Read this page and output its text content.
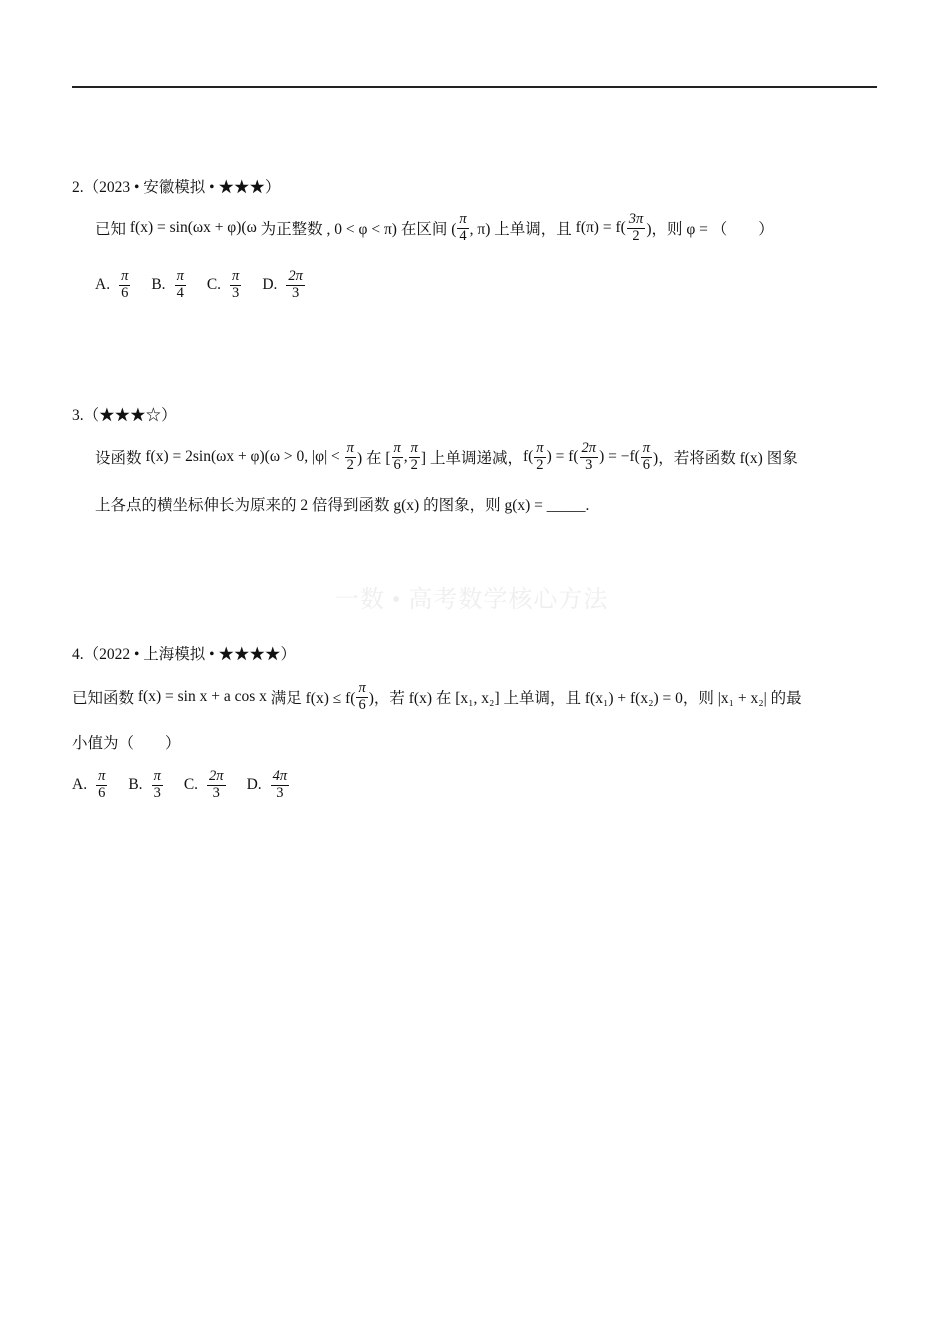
2.（2023 • 安徽模拟 • ★★★）
已知 f(x) = sin(ωx + φ)(ω 为正整数 , 0 < φ < π) 在区间 ( $\frac{\pi}{4}$ , π) 上单调，且 $f(\pi) = f( \frac{3\pi}{2}$ )，则 φ = （　　）
A. $\frac{\pi}{6} B$. $\frac{\pi}{4} C$. $\frac{\pi}{3} D$. $\frac{2\pi}{3}$
3.（★★★☆）
设函数 f(x) = 2sin(ωx + φ)(ω > 0, $|\varphi| < \frac{\pi}{2}$ ) 在 [ $\frac{\pi}{6}$ , $\frac{\pi}{2}$ ] 上单调递减， $f( \frac{\pi}{2}$ ) = $f( \frac{2\pi}{3}$ ) = $-f( \frac{\pi}{6}$ )，若将函数 f(x) 图象
上各点的横坐标伸长为原来的 2 倍得到函数 g(x) 的图象，则 g(x) = _____.
一数 • 高考数学核心方法
4.（2022 • 上海模拟 • ★★★★）
已知函数 f(x) = sin x + a cos x 满足 $f(x) \le f( \frac{\pi}{6}$ )，若 f(x) 在 [x₁, x₂] 上单调，且 f(x₁) + f(x₂) = 0，则 |x₁ + x₂| 的最
小值为（　　）
A. $\frac{\pi}{6} B$. $\frac{\pi}{3} C$. $\frac{2\pi}{3} D$. $\frac{4\pi}{3}$
